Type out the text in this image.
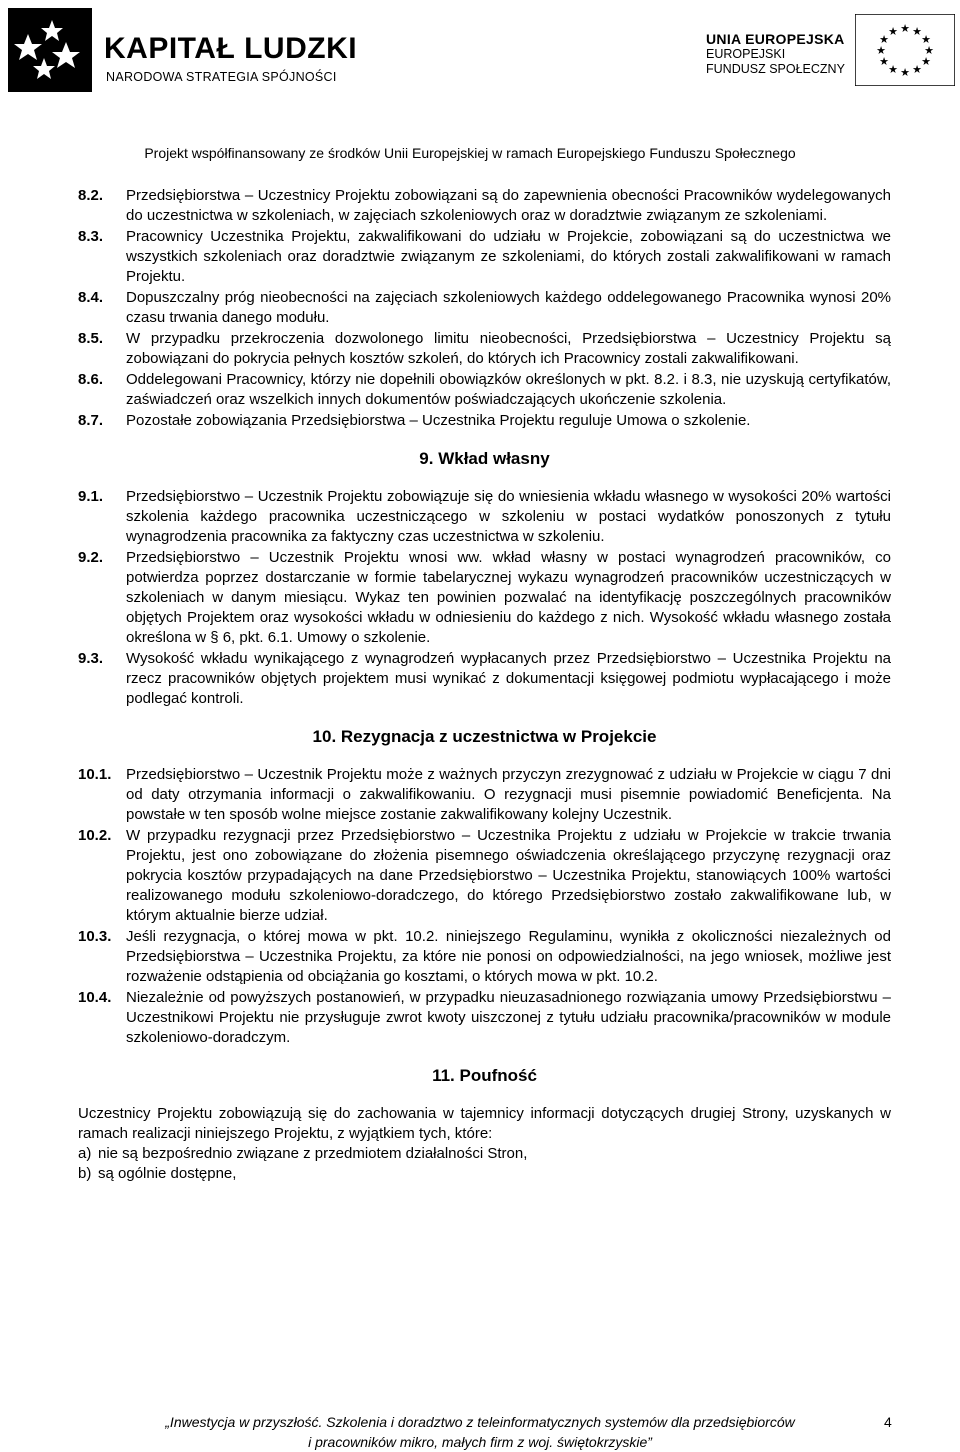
KAPITAŁ LUDZKI
NARODOWA STRATEGIA SPÓJNOŚCI
UNIA EUROPEJSKA
EUROPEJSKI
FUNDUSZ SPOŁECZNY
★ ★
★
★
★
★
★
★
★
★
★
★
Projekt współfinansowany ze środków Unii Europejskiej w ramach Europejskiego Funduszu Społecznego
8.2.	Przedsiębiorstwa – Uczestnicy Projektu zobowiązani są do zapewnienia obecności Pracowników wydelegowanych do uczestnictwa w szkoleniach, w zajęciach szkoleniowych oraz w doradztwie związanym ze szkoleniami.
8.3.	Pracownicy Uczestnika Projektu, zakwalifikowani do udziału w Projekcie, zobowiązani są do uczestnictwa we wszystkich szkoleniach oraz doradztwie związanym ze szkoleniami, do których zostali zakwalifikowani w ramach Projektu.
8.4.	Dopuszczalny próg nieobecności na zajęciach szkoleniowych każdego oddelegowanego Pracownika wynosi 20% czasu trwania danego modułu.
8.5.	W przypadku przekroczenia dozwolonego limitu nieobecności, Przedsiębiorstwa – Uczestnicy Projektu są zobowiązani do pokrycia pełnych kosztów szkoleń, do których ich Pracownicy zostali zakwalifikowani.
8.6.	Oddelegowani Pracownicy, którzy nie dopełnili obowiązków określonych w pkt. 8.2. i 8.3, nie uzyskują certyfikatów, zaświadczeń oraz wszelkich innych dokumentów poświadczających ukończenie szkolenia.
8.7.	Pozostałe zobowiązania Przedsiębiorstwa – Uczestnika Projektu reguluje Umowa o szkolenie.
9. Wkład własny
9.1.	Przedsiębiorstwo – Uczestnik Projektu zobowiązuje się do wniesienia wkładu własnego w wysokości 20% wartości szkolenia każdego pracownika uczestniczącego w szkoleniu w postaci wydatków ponoszonych z tytułu wynagrodzenia pracownika za faktyczny czas uczestnictwa w szkoleniu.
9.2.	Przedsiębiorstwo – Uczestnik Projektu wnosi ww. wkład własny w postaci wynagrodzeń pracowników, co potwierdza poprzez dostarczanie w formie tabelarycznej wykazu wynagrodzeń pracowników uczestniczących w szkoleniach w danym miesiącu. Wykaz ten powinien pozwalać na identyfikację poszczególnych pracowników objętych Projektem oraz wysokości wkładu w odniesieniu do każdego z nich. Wysokość wkładu własnego została określona w § 6, pkt. 6.1. Umowy o szkolenie.
9.3.	Wysokość wkładu wynikającego z wynagrodzeń wypłacanych przez Przedsiębiorstwo – Uczestnika Projektu na rzecz pracowników objętych projektem musi wynikać z dokumentacji księgowej podmiotu wypłacającego i może podlegać kontroli.
10. Rezygnacja z uczestnictwa w Projekcie
10.1. Przedsiębiorstwo – Uczestnik Projektu może z ważnych przyczyn zrezygnować z udziału w Projekcie w ciągu 7 dni od daty otrzymania informacji o zakwalifikowaniu. O rezygnacji musi pisemnie powiadomić Beneficjenta. Na powstałe w ten sposób wolne miejsce zostanie zakwalifikowany kolejny Uczestnik.
10.2. W przypadku rezygnacji przez Przedsiębiorstwo – Uczestnika Projektu z udziału w Projekcie w trakcie trwania Projektu, jest ono zobowiązane do złożenia pisemnego oświadczenia określającego przyczynę rezygnacji oraz pokrycia kosztów przypadających na dane Przedsiębiorstwo – Uczestnika Projektu, stanowiących 100% wartości realizowanego modułu szkoleniowo-doradczego, do którego Przedsiębiorstwo zostało zakwalifikowane lub, w którym aktualnie bierze udział.
10.3. Jeśli rezygnacja, o której mowa w pkt. 10.2. niniejszego Regulaminu, wynikła z okoliczności niezależnych od Przedsiębiorstwa – Uczestnika Projektu, za które nie ponosi on odpowiedzialności, na jego wniosek, możliwe jest rozważenie odstąpienia od obciążania go kosztami, o których mowa w pkt. 10.2.
10.4. Niezależnie od powyższych postanowień, w przypadku nieuzasadnionego rozwiązania umowy Przedsiębiorstwu – Uczestnikowi Projektu nie przysługuje zwrot kwoty uiszczonej z tytułu udziału pracownika/pracowników w module szkoleniowo-doradczym.
11. Poufność
Uczestnicy Projektu zobowiązują się do zachowania w tajemnicy informacji dotyczących drugiej Strony, uzyskanych w ramach realizacji niniejszego Projektu, z wyjątkiem tych, które:
a) nie są bezpośrednio związane z przedmiotem działalności Stron,
b) są ogólnie dostępne,
„Inwestycja w przyszłość. Szkolenia i doradztwo z teleinformatycznych systemów dla przedsiębiorców
i pracowników mikro, małych firm z woj. świętokrzyskie”
4
